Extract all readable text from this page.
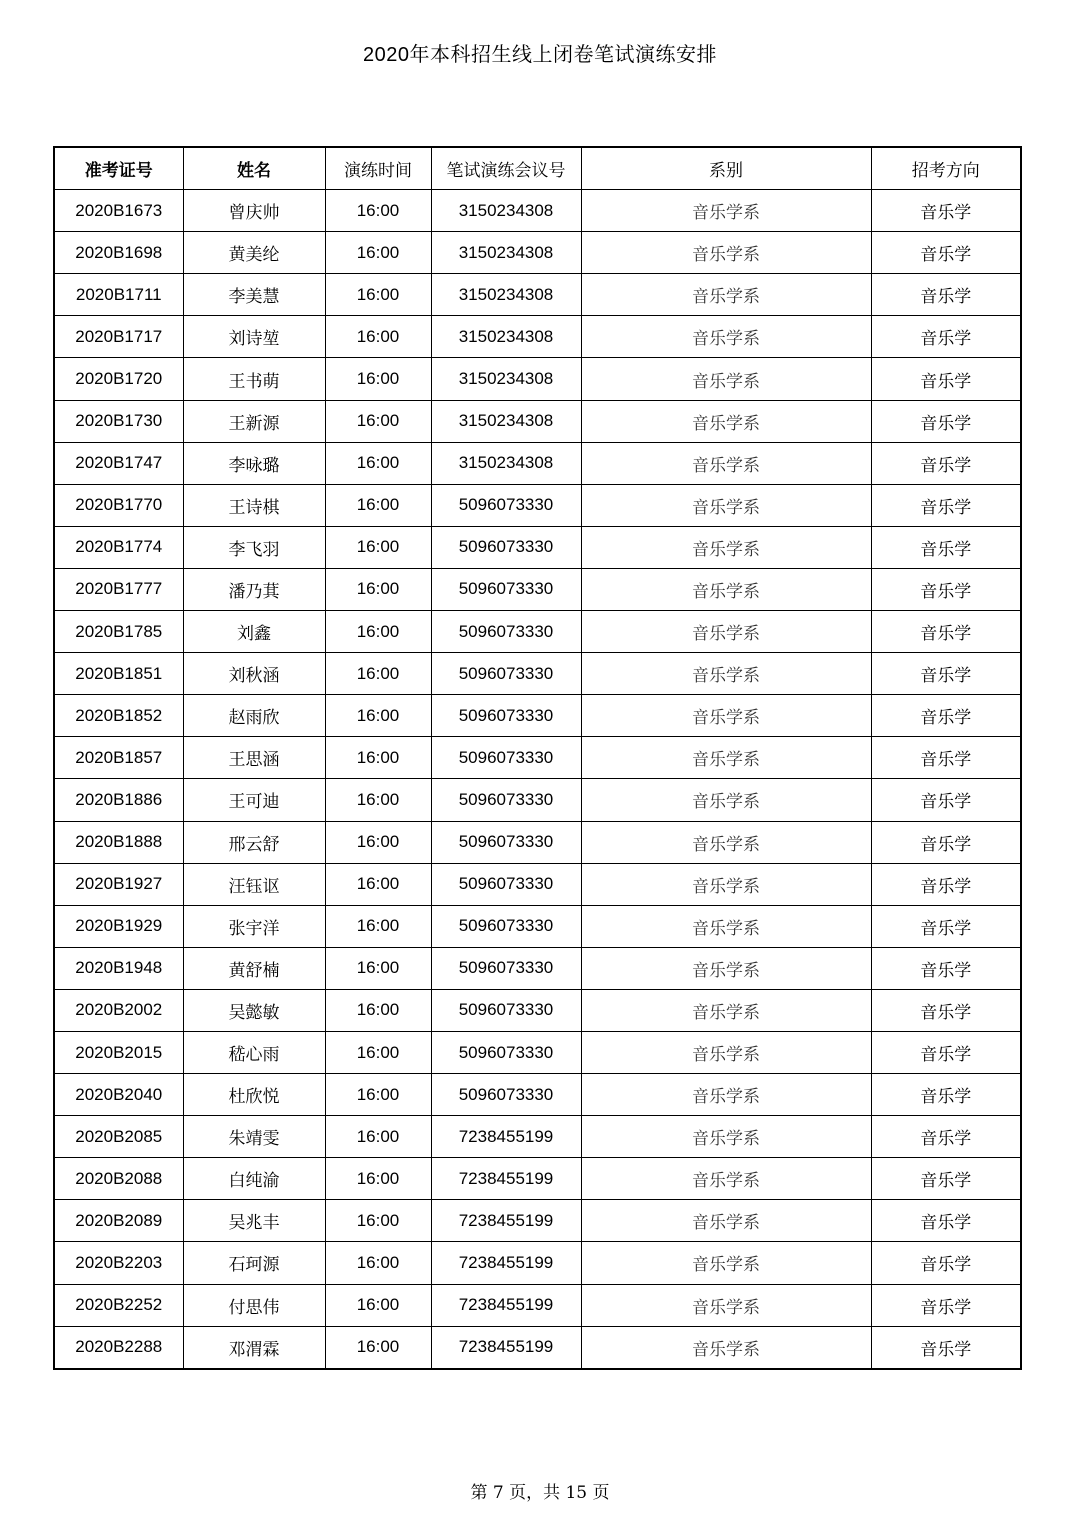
2020年本科招生线上闭卷笔试演练安排
准考证号	姓名	演练时间	笔试演练会议号	系别	招考方向
2020B1673	曾庆帅	16:00	3150234308	音乐学系	音乐学
2020B1698	黄美纶	16:00	3150234308	音乐学系	音乐学
2020B1711	李美慧	16:00	3150234308	音乐学系	音乐学
2020B1717	刘诗堃	16:00	3150234308	音乐学系	音乐学
2020B1720	王书萌	16:00	3150234308	音乐学系	音乐学
2020B1730	王新源	16:00	3150234308	音乐学系	音乐学
2020B1747	李咏璐	16:00	3150234308	音乐学系	音乐学
2020B1770	王诗棋	16:00	5096073330	音乐学系	音乐学
2020B1774	李飞羽	16:00	5096073330	音乐学系	音乐学
2020B1777	潘乃萁	16:00	5096073330	音乐学系	音乐学
2020B1785	刘鑫	16:00	5096073330	音乐学系	音乐学
2020B1851	刘秋涵	16:00	5096073330	音乐学系	音乐学
2020B1852	赵雨欣	16:00	5096073330	音乐学系	音乐学
2020B1857	王思涵	16:00	5096073330	音乐学系	音乐学
2020B1886	王可迪	16:00	5096073330	音乐学系	音乐学
2020B1888	邢云舒	16:00	5096073330	音乐学系	音乐学
2020B1927	汪钰讴	16:00	5096073330	音乐学系	音乐学
2020B1929	张宇洋	16:00	5096073330	音乐学系	音乐学
2020B1948	黄舒楠	16:00	5096073330	音乐学系	音乐学
2020B2002	吴懿敏	16:00	5096073330	音乐学系	音乐学
2020B2015	嵇心雨	16:00	5096073330	音乐学系	音乐学
2020B2040	杜欣悦	16:00	5096073330	音乐学系	音乐学
2020B2085	朱靖雯	16:00	7238455199	音乐学系	音乐学
2020B2088	白纯渝	16:00	7238455199	音乐学系	音乐学
2020B2089	吴兆丰	16:00	7238455199	音乐学系	音乐学
2020B2203	石珂源	16:00	7238455199	音乐学系	音乐学
2020B2252	付思伟	16:00	7238455199	音乐学系	音乐学
2020B2288	邓渭霖	16:00	7238455199	音乐学系	音乐学
第 7 页，共 15 页
